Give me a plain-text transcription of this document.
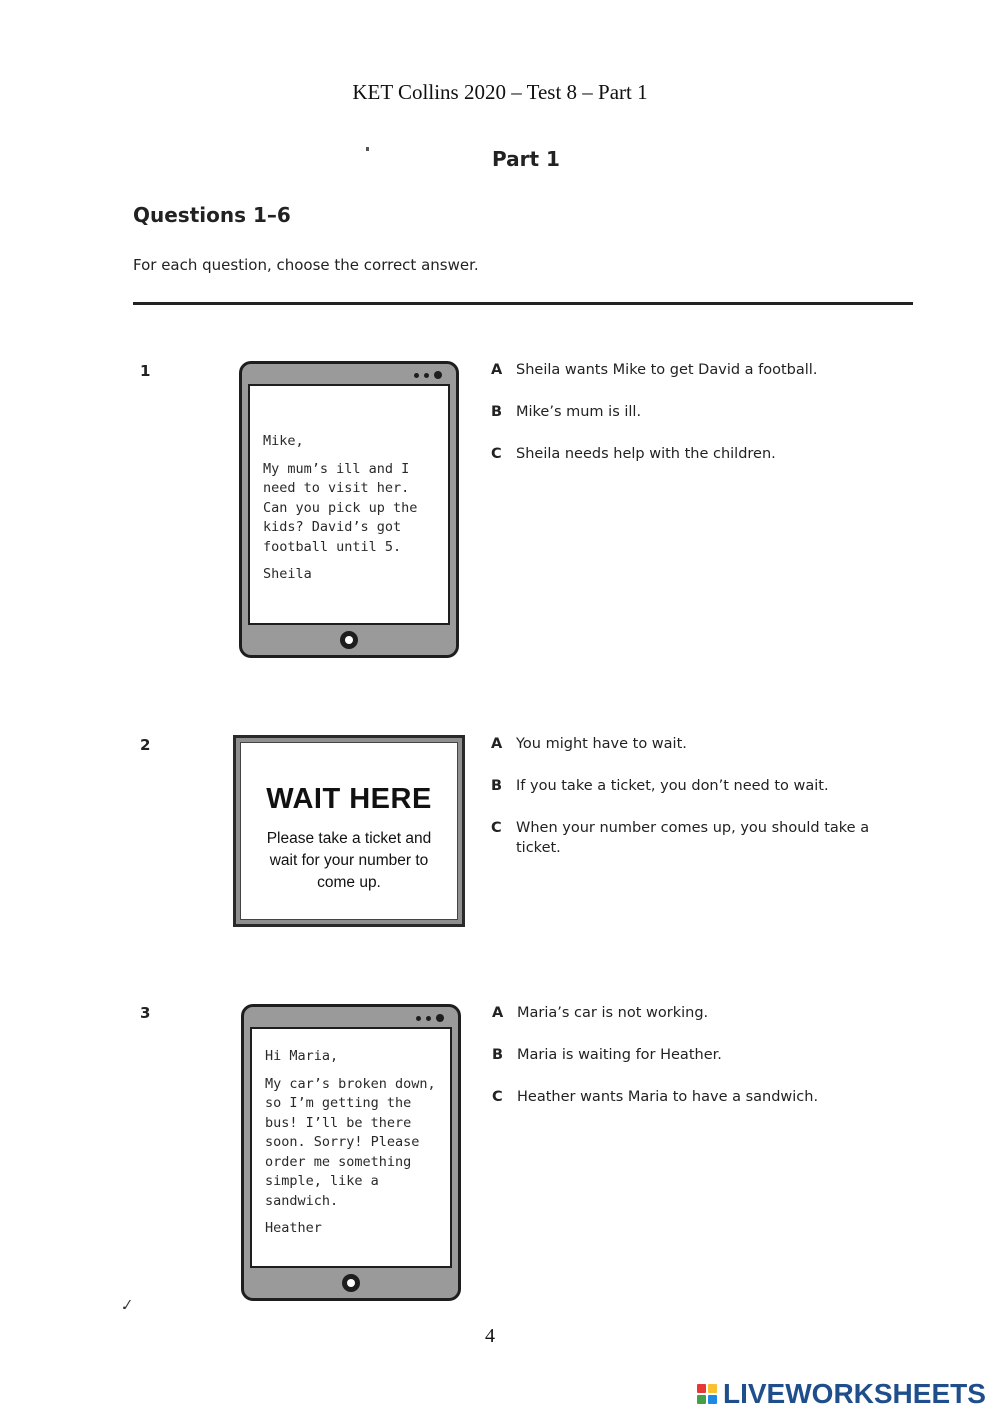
KET Collins 2020 – Test 8 – Part 1
Part 1
Questions 1–6
For each question, choose the correct answer.
1

Mike,

My mum’s ill and I need to visit her. Can you pick up the kids? David’s got football until 5.

Sheila

A Sheila wants Mike to get David a football.
B Mike’s mum is ill.
C Sheila needs help with the children.
2
WAIT HERE
Please take a ticket and wait for your number to come up.
A You might have to wait.
B If you take a ticket, you don’t need to wait.
C When your number comes up, you should take a ticket.
3

Hi Maria,

My car’s broken down, so I’m getting the bus! I’ll be there soon. Sorry! Please order me something simple, like a sandwich.

Heather

A Maria’s car is not working.
B Maria is waiting for Heather.
C Heather wants Maria to have a sandwich.
.⁄
4
LIVEWORKSHEETS
